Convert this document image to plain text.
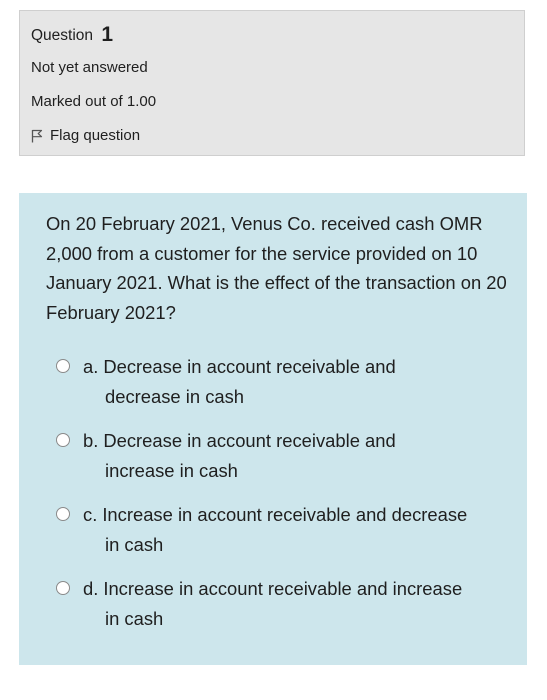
Question 1
Not yet answered
Marked out of 1.00
Flag question
On 20 February 2021, Venus Co. received cash OMR 2,000 from a customer for the service provided on 10 January 2021. What is the effect of the transaction on 20 February 2021?
a. Decrease in account receivable and
decrease in cash
b. Decrease in account receivable and
increase in cash
c. Increase in account receivable and decrease
in cash
d. Increase in account receivable and increase
in cash
